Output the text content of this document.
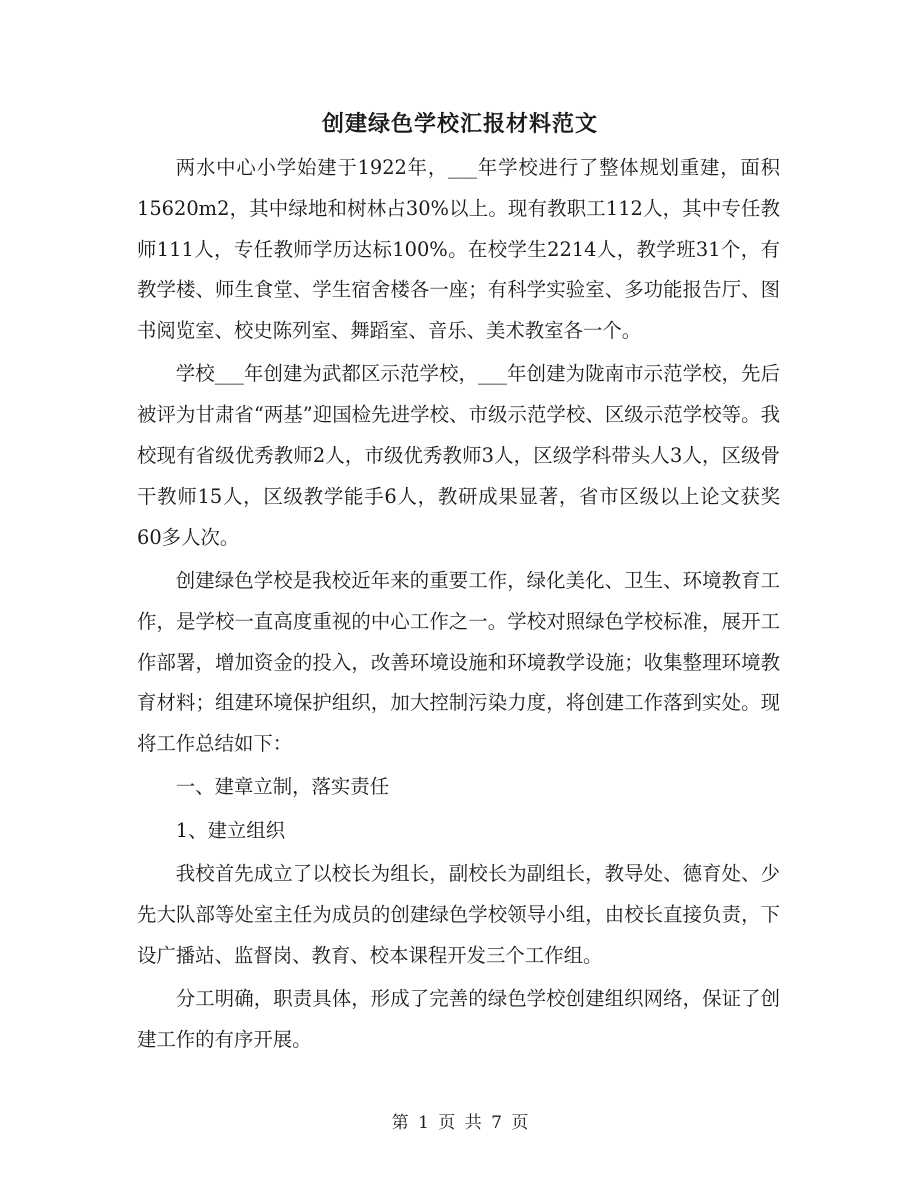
创建绿色学校汇报材料范文

两水中心小学始建于1922年，___年学校进行了整体规划重建，面积15620m2，其中绿地和树林占30%以上。现有教职工112人，其中专任教师111人，专任教师学历达标100%。在校学生2214人，教学班31个，有教学楼、师生食堂、学生宿舍楼各一座；有科学实验室、多功能报告厅、图书阅览室、校史陈列室、舞蹈室、音乐、美术教室各一个。

学校___年创建为武都区示范学校，___年创建为陇南市示范学校，先后被评为甘肃省“两基”迎国检先进学校、市级示范学校、区级示范学校等。我校现有省级优秀教师2人，市级优秀教师3人，区级学科带头人3人，区级骨干教师15人，区级教学能手6人，教研成果显著，省市区级以上论文获奖60多人次。

创建绿色学校是我校近年来的重要工作，绿化美化、卫生、环境教育工作，是学校一直高度重视的中心工作之一。学校对照绿色学校标准，展开工作部署，增加资金的投入，改善环境设施和环境教学设施；收集整理环境教育材料；组建环境保护组织，加大控制污染力度，将创建工作落到实处。现将工作总结如下：

一、建章立制，落实责任

1、建立组织

我校首先成立了以校长为组长，副校长为副组长，教导处、德育处、少先大队部等处室主任为成员的创建绿色学校领导小组，由校长直接负责，下设广播站、监督岗、教育、校本课程开发三个工作组。

分工明确，职责具体，形成了完善的绿色学校创建组织网络，保证了创建工作的有序开展。

第 1 页 共 7 页
